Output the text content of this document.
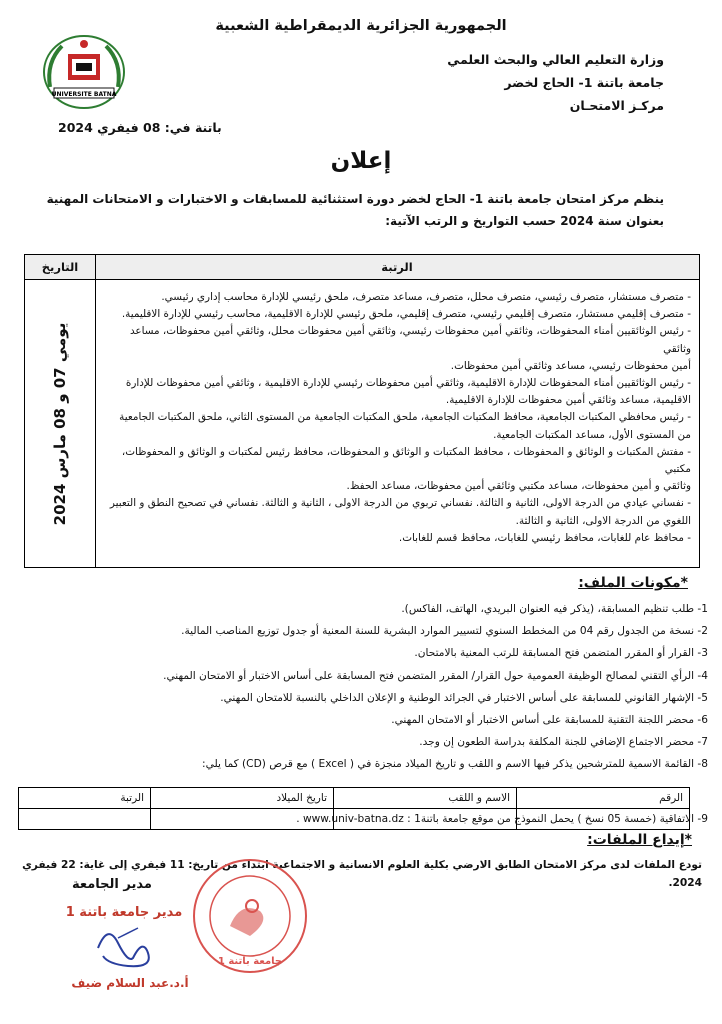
الجمهورية الجزائرية الديمقراطية الشعبية
وزارة التعليم العالي والبحث العلمي
جامعة باتنة 1- الحاج لخضر
مركـز الامتحـان
UNIVERSITE BATNA
باتنة في: 08 فيفري 2024
إعلان
ينظم مركز امتحان جامعة باتنة 1- الحاج لخضر دورة استثنائية للمسابقات و الاختبارات و الامتحانات المهنية
بعنوان سنة 2024 حسب التواريخ و الرتب الآتية:
التاريخ	الرتبة
يومي 07 و 08 مارس 2024
- متصرف مستشار، متصرف رئيسي، متصرف محلل، متصرف، مساعد متصرف، ملحق رئيسي للإدارة محاسب إداري رئيسي.
- متصرف إقليمي مستشار، متصرف إقليمي رئيسي، متصرف إقليمي، ملحق رئيسي للإدارة الاقليمية، محاسب رئيسي للإدارة الاقليمية.
- رئيس الوثائقيين أمناء المحفوظات، وثائقي أمين محفوظات رئيسي، وثائقي أمين محفوظات محلل، وثائقي أمين محفوظات، مساعد وثائقي
أمين محفوظات رئيسي، مساعد وثائقي أمين محفوظات.
- رئيس الوثائقيين أمناء المحفوظات للإدارة الاقليمية، وثائقي أمين محفوظات رئيسي للإدارة الاقليمية ، وثائقي أمين محفوظات للإدارة
الاقليمية، مساعد وثائقي أمين محفوظات للإدارة الاقليمية.
- رئيس محافظي المكتبات الجامعية، محافظ المكتبات الجامعية، ملحق المكتبات الجامعية من المستوى الثاني، ملحق المكتبات الجامعية
من المستوى الأول، مساعد المكتبات الجامعية.
- مفتش المكتبات و الوثائق و المحفوظات ، محافظ المكتبات و الوثائق و المحفوظات، محافظ رئيس لمكتبات و الوثائق و المحفوظات، مكتبي
وثائقي و أمين محفوظات، مساعد مكتبي وثائقي أمين محفوظات، مساعد الحفظ.
- نفساني عيادي من الدرجة الاولى، الثانية و الثالثة. نفساني تربوي من الدرجة الاولى ، الثانية و الثالثة. نفساني في تصحيح النطق و التعبير
اللغوي من الدرجة الاولى، الثانية و الثالثة.
- محافظ عام للغابات، محافظ رئيسي للغابات، محافظ قسم للغابات.
*مكونات الملف:
1- طلب تنظيم المسابقة، (يذكر فيه العنوان البريدي، الهاتف، الفاكس).
2- نسخة من الجدول رقم 04 من المخطط السنوي لتسيير الموارد البشرية للسنة المعنية أو جدول توزيع المناصب المالية.
3- القرار أو المقرر المتضمن فتح المسابقة للرتب المعنية بالامتحان.
4- الرأي التقني لمصالح الوظيفة العمومية حول القرار/ المقرر المتضمن فتح المسابقة على أساس الاختبار أو الامتحان المهني.
5- الإشهار القانوني للمسابقة على أساس الاختبار في الجرائد الوطنية و الإعلان الداخلي بالنسبة للامتحان المهني.
6- محضر اللجنة التقنية للمسابقة على أساس الاختبار أو الامتحان المهني.
7- محضر الاجتماع الإضافي للجنة المكلفة بدراسة الطعون إن وجد.
8- القائمة الاسمية للمترشحين يذكر فيها الاسم و اللقب و تاريخ الميلاد منجزة في ( Excel ) مع قرص (CD) كما يلي:
الرقم	الاسم و اللقب	تاريخ الميلاد	الرتبة

9- الاتفاقية (خمسة 05 نسخ ) يحمل النموذج من موقع جامعة باتنة1 : www.univ-batna.dz .
*إيداع الملفات:
تودع الملفات لدى مركز الامتحان الطابق الارضي بكلية العلوم الانسانية و الاجتماعية ابتداء من تاريخ: 11 فيفري إلى غاية: 22 فيفري 2024.
مدير الجامعة
مدير جامعة باتنة 1
أ.د.عبد السلام ضيف
جامعة باتنة 1
